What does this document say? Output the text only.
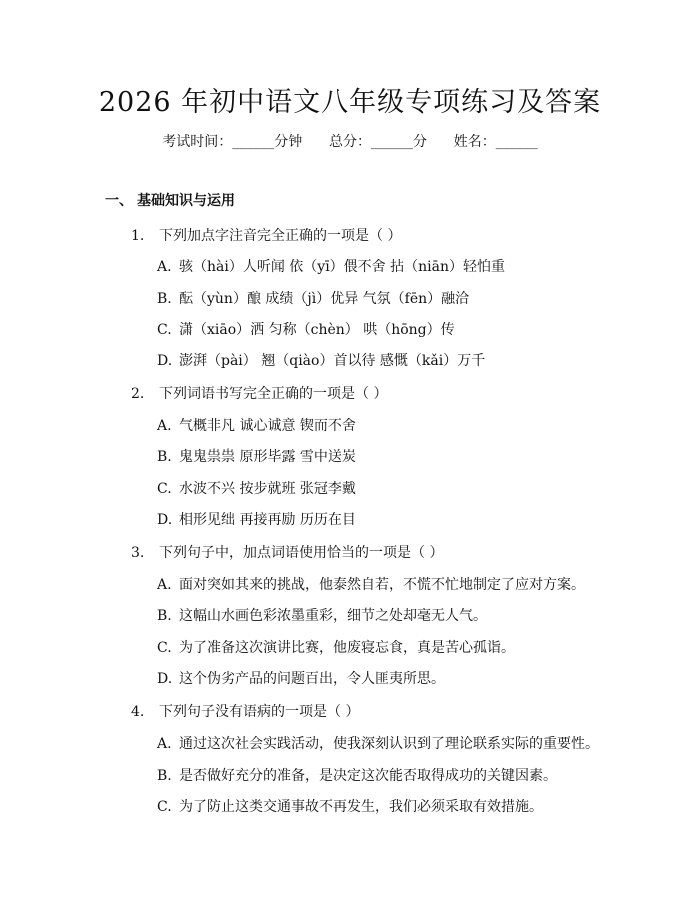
2026 年初中语文八年级专项练习及答案
考试时间：______分钟      总分：______分      姓名：______
一、 基础知识与运用
1. 下列加点字注音完全正确的一项是（ ）
A. 骇（hài）人听闻 依（yī）偎不舍 拈（niān）轻怕重
B. 酝（yùn）酿 成绩（jì）优异 气氛（fēn）融洽
C. 潇（xiāo）洒 匀称（chèn） 哄（hōng）传
D. 澎湃（pài） 翘（qiào）首以待 感慨（kǎi）万千
2. 下列词语书写完全正确的一项是（ ）
A. 气概非凡 诚心诚意 锲而不舍
B. 鬼鬼祟祟 原形毕露 雪中送炭
C. 水波不兴 按步就班 张冠李戴
D. 相形见绌 再接再励 历历在目
3. 下列句子中，加点词语使用恰当的一项是（ ）
A. 面对突如其来的挑战，他泰然自若，不慌不忙地制定了应对方案。
B. 这幅山水画色彩浓墨重彩，细节之处却毫无人气。
C. 为了准备这次演讲比赛，他废寝忘食，真是苦心孤诣。
D. 这个伪劣产品的问题百出，令人匪夷所思。
4. 下列句子没有语病的一项是（ ）
A. 通过这次社会实践活动，使我深刻认识到了理论联系实际的重要性。
B. 是否做好充分的准备，是决定这次能否取得成功的关键因素。
C. 为了防止这类交通事故不再发生，我们必须采取有效措施。
